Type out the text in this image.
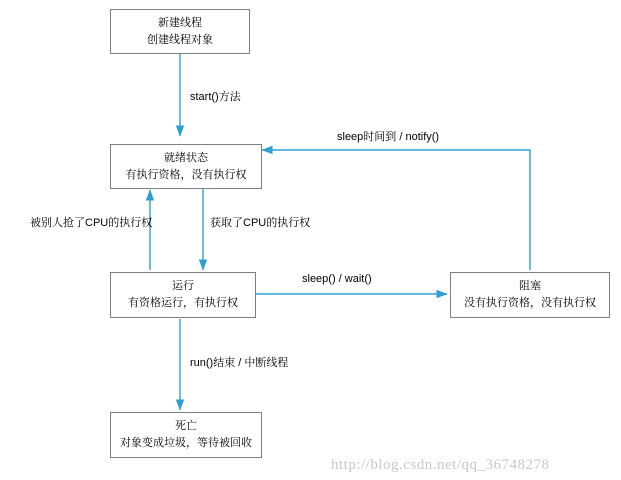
新建线程
创建线程对象
就绪状态
有执行资格，没有执行权
运行
有资格运行，有执行权
阻塞
没有执行资格，没有执行权
死亡
对象变成垃圾，等待被回收
start()方法
获取了CPU的执行权
被别人抢了CPU的执行权
sleep() / wait()
sleep时间到 / notify()
run()结束 / 中断线程
http://blog.csdn.net/qq_36748278
